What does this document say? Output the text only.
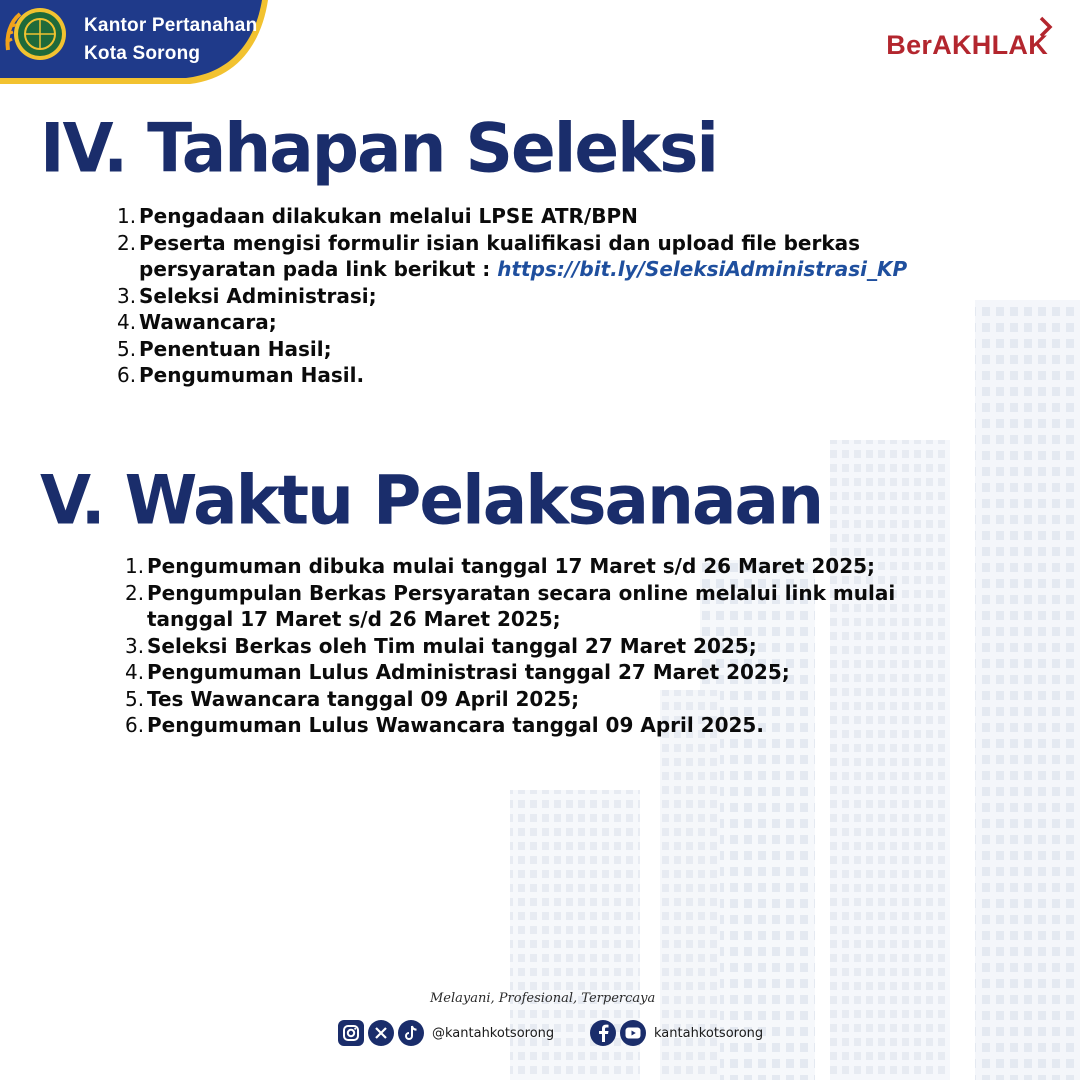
Kantor Pertanahan
Kota Sorong	BerAKHLAK
IV. Tahapan Seleksi
1. Pengadaan dilakukan melalui LPSE ATR/BPN
2. Peserta mengisi formulir isian kualifikasi dan upload file berkas persyaratan pada link berikut : https://bit.ly/SeleksiAdministrasi_KP
3. Seleksi Administrasi;
4. Wawancara;
5. Penentuan Hasil;
6. Pengumuman Hasil.
V. Waktu Pelaksanaan
1. Pengumuman dibuka mulai tanggal 17 Maret s/d 26 Maret 2025;
2. Pengumpulan Berkas Persyaratan secara online melalui link mulai tanggal 17 Maret s/d 26 Maret 2025;
3. Seleksi Berkas oleh Tim mulai tanggal 27 Maret 2025;
4. Pengumuman Lulus Administrasi tanggal 27 Maret 2025;
5. Tes Wawancara tanggal 09 April 2025;
6. Pengumuman Lulus Wawancara tanggal 09 April 2025.
Melayani, Profesional, Terpercaya
@kantahkotsorong	kantahkotsorong
